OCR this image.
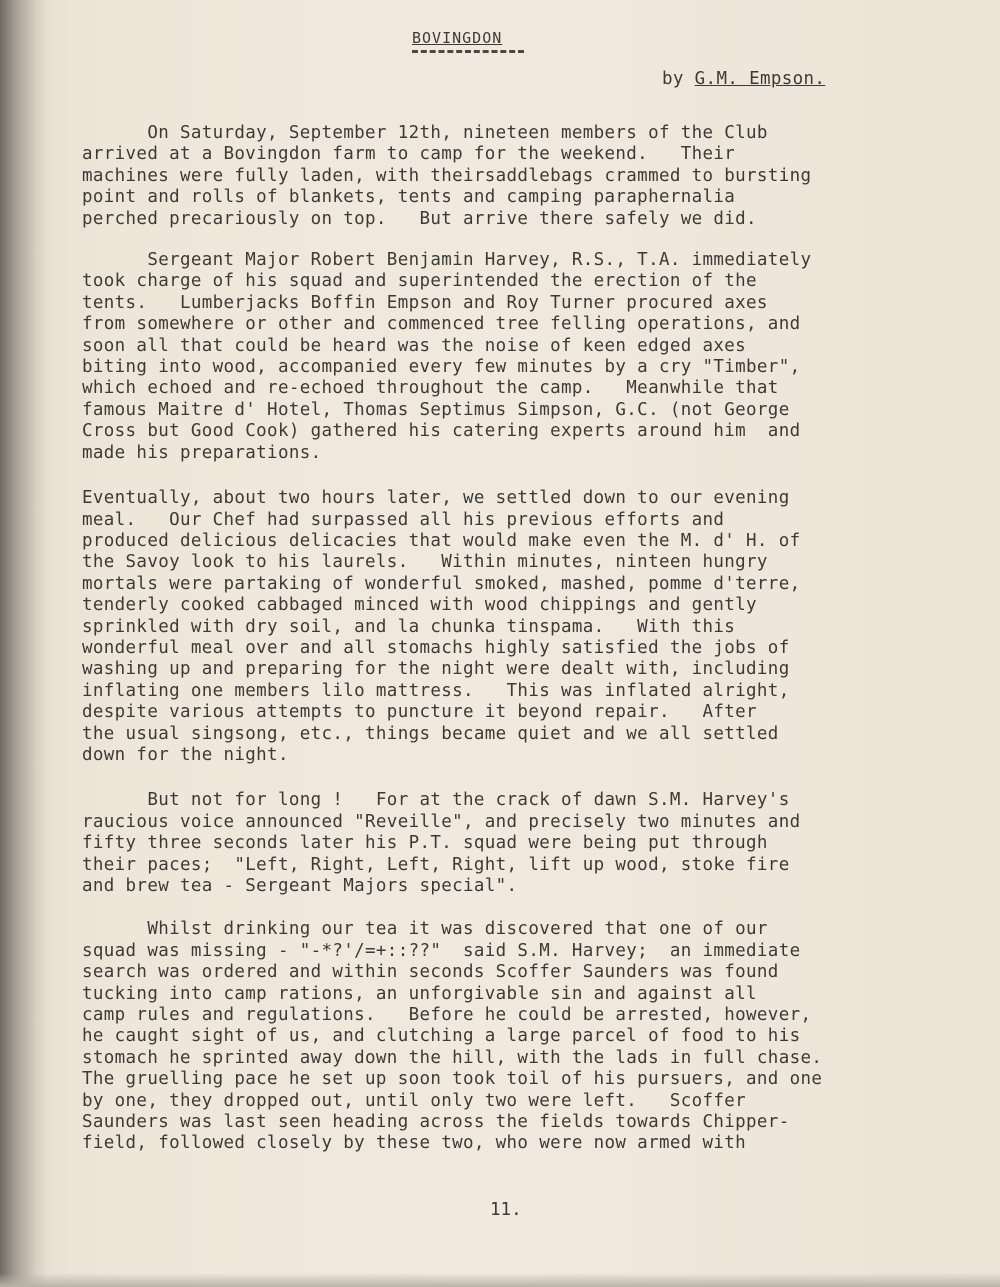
BOVINGDON
by G.M. Empson.

On Saturday, September 12th, nineteen members of the Club
arrived at a Bovingdon farm to camp for the weekend.   Their
machines were fully laden, with theirsaddlebags crammed to bursting
point and rolls of blankets, tents and camping paraphernalia
perched precariously on top.   But arrive there safely we did.

Sergeant Major Robert Benjamin Harvey, R.S., T.A. immediately
took charge of his squad and superintended the erection of the
tents.   Lumberjacks Boffin Empson and Roy Turner procured axes
from somewhere or other and commenced tree felling operations, and
soon all that could be heard was the noise of keen edged axes
biting into wood, accompanied every few minutes by a cry "Timber",
which echoed and re-echoed throughout the camp.   Meanwhile that
famous Maitre d' Hotel, Thomas Septimus Simpson, G.C. (not George
Cross but Good Cook) gathered his catering experts around him  and
made his preparations.

Eventually, about two hours later, we settled down to our evening
meal.   Our Chef had surpassed all his previous efforts and
produced delicious delicacies that would make even the M. d' H. of
the Savoy look to his laurels.   Within minutes, ninteen hungry
mortals were partaking of wonderful smoked, mashed, pomme d'terre,
tenderly cooked cabbaged minced with wood chippings and gently
sprinkled with dry soil, and la chunka tinspama.   With this
wonderful meal over and all stomachs highly satisfied the jobs of
washing up and preparing for the night were dealt with, including
inflating one members lilo mattress.   This was inflated alright,
despite various attempts to puncture it beyond repair.   After
the usual singsong, etc., things became quiet and we all settled
down for the night.

But not for long !   For at the crack of dawn S.M. Harvey's
raucious voice announced "Reveille", and precisely two minutes and
fifty three seconds later his P.T. squad were being put through
their paces;  "Left, Right, Left, Right, lift up wood, stoke fire
and brew tea - Sergeant Majors special".

Whilst drinking our tea it was discovered that one of our
squad was missing - "-*?'/=+::??"  said S.M. Harvey;  an immediate
search was ordered and within seconds Scoffer Saunders was found
tucking into camp rations, an unforgivable sin and against all
camp rules and regulations.   Before he could be arrested, however,
he caught sight of us, and clutching a large parcel of food to his
stomach he sprinted away down the hill, with the lads in full chase.
The gruelling pace he set up soon took toil of his pursuers, and one
by one, they dropped out, until only two were left.   Scoffer
Saunders was last seen heading across the fields towards Chipper-
field, followed closely by these two, who were now armed with

11.
